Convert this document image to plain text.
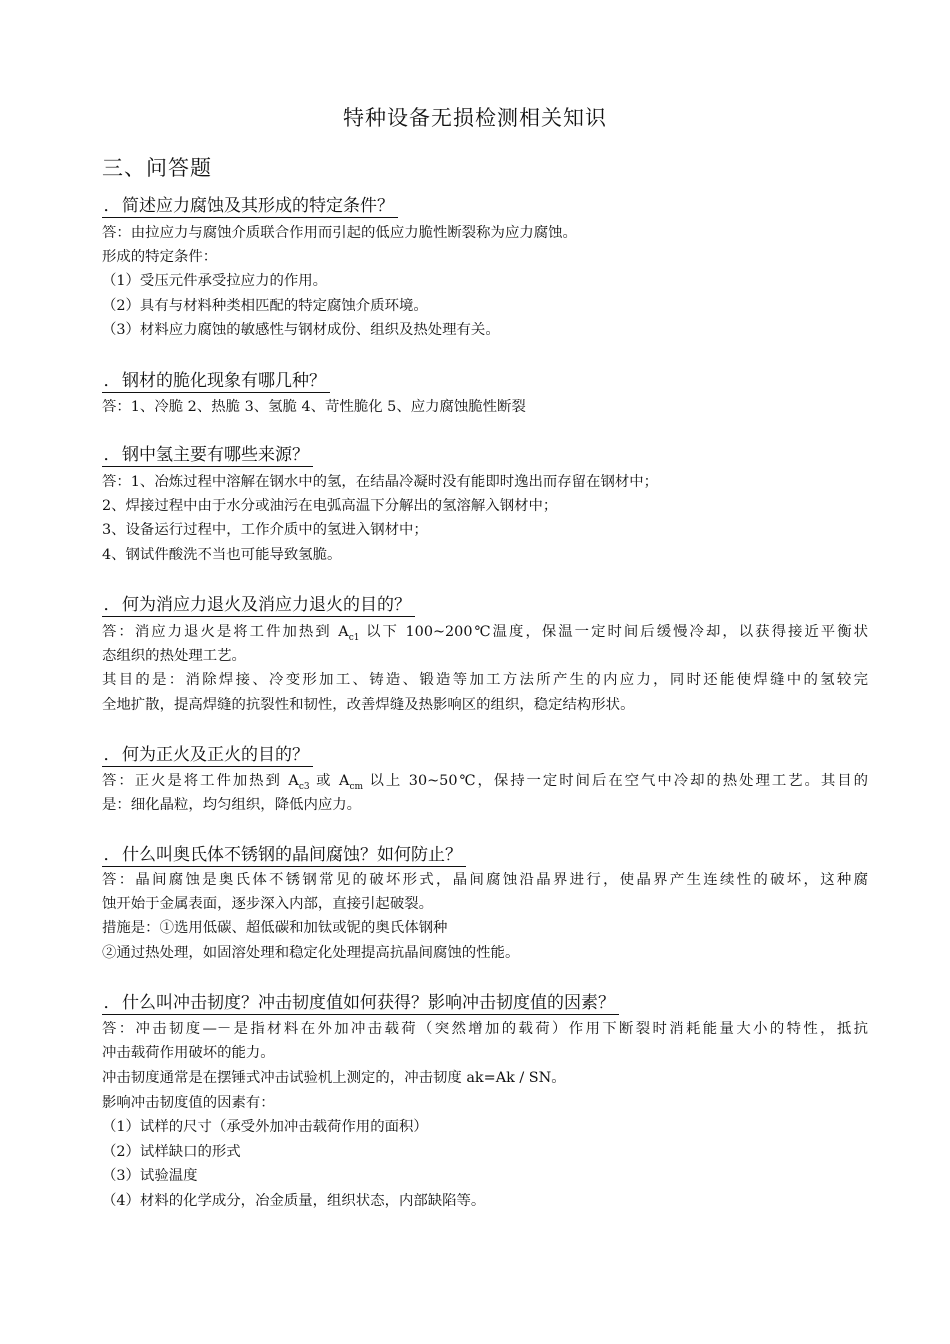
特种设备无损检测相关知识
三、问答题
．简述应力腐蚀及其形成的特定条件？
答：由拉应力与腐蚀介质联合作用而引起的低应力脆性断裂称为应力腐蚀。
形成的特定条件：
（1）受压元件承受拉应力的作用。
（2）具有与材料种类相匹配的特定腐蚀介质环境。
（3）材料应力腐蚀的敏感性与钢材成份、组织及热处理有关。
．钢材的脆化现象有哪几种？
答：1、冷脆 2、热脆 3、氢脆 4、苛性脆化 5、应力腐蚀脆性断裂
．钢中氢主要有哪些来源？
答：1、冶炼过程中溶解在钢水中的氢，在结晶冷凝时没有能即时逸出而存留在钢材中；
2、焊接过程中由于水分或油污在电弧高温下分解出的氢溶解入钢材中；
3、设备运行过程中，工作介质中的氢进入钢材中；
4、钢试件酸洗不当也可能导致氢脆。
．何为消应力退火及消应力退火的目的？
答：消应力退火是将工件加热到 $A_{c1}$ 以下 100~200℃温度，保温一定时间后缓慢冷却，以获得接近平衡状
态组织的热处理工艺。
其目的是：消除焊接、冷变形加工、铸造、锻造等加工方法所产生的内应力，同时还能使焊缝中的氢较完
全地扩散，提高焊缝的抗裂性和韧性，改善焊缝及热影响区的组织，稳定结构形状。
．何为正火及正火的目的？
答：正火是将工件加热到 $A_{c3}$ 或 $A_{cm}$ 以上 30~50℃，保持一定时间后在空气中冷却的热处理工艺。其目的
是：细化晶粒，均匀组织，降低内应力。
．什么叫奥氏体不锈钢的晶间腐蚀？如何防止？
答：晶间腐蚀是奥氏体不锈钢常见的破坏形式，晶间腐蚀沿晶界进行，使晶界产生连续性的破坏，这种腐
蚀开始于金属表面，逐步深入内部，直接引起破裂。
措施是：①选用低碳、超低碳和加钛或铌的奥氏体钢种
②通过热处理，如固溶处理和稳定化处理提高抗晶间腐蚀的性能。
．什么叫冲击韧度？冲击韧度值如何获得？影响冲击韧度值的因素？
答：冲击韧度—－是指材料在外加冲击载荷（突然增加的载荷）作用下断裂时消耗能量大小的特性，抵抗
冲击载荷作用破坏的能力。
冲击韧度通常是在摆锤式冲击试验机上测定的，冲击韧度 ak=Ak / SN。
影响冲击韧度值的因素有：
（1）试样的尺寸（承受外加冲击载荷作用的面积）
（2）试样缺口的形式
（3）试验温度
（4）材料的化学成分，冶金质量，组织状态，内部缺陷等。
